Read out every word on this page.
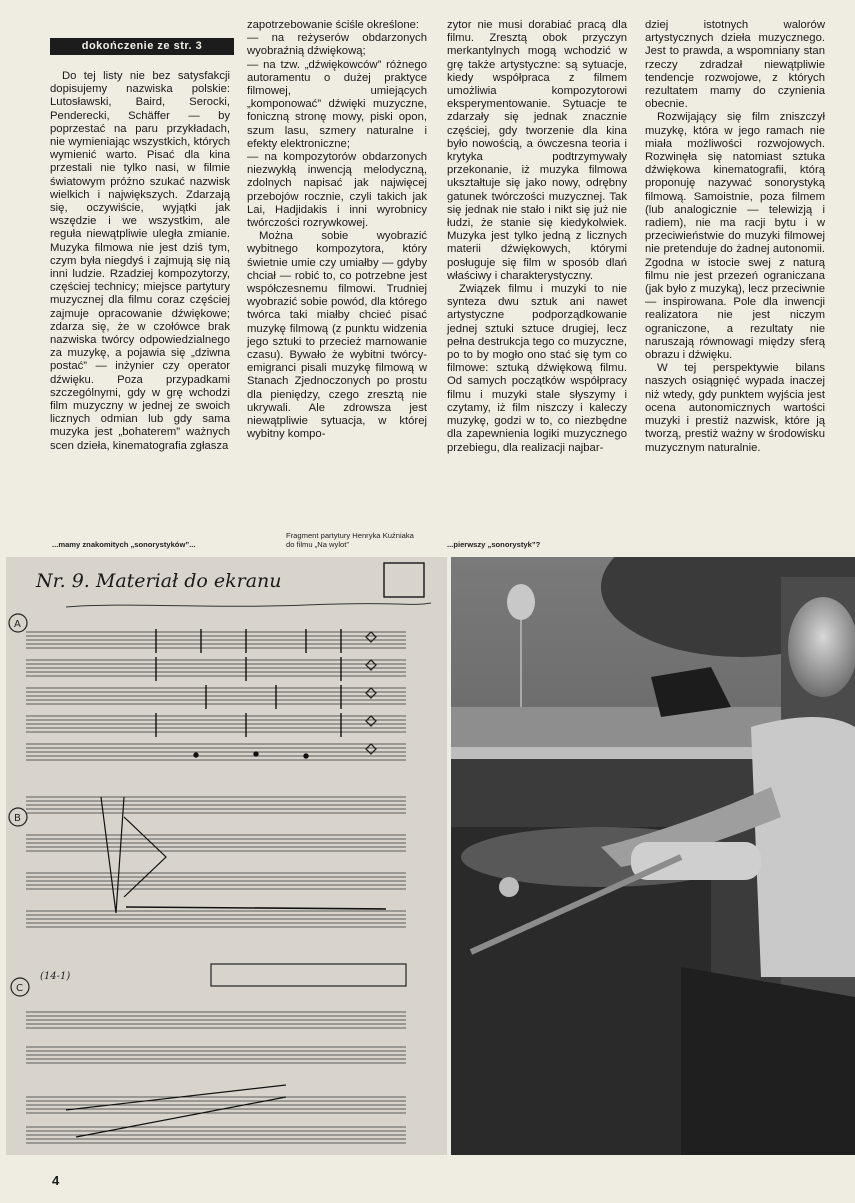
dokończenie ze str. 3

Do tej listy nie bez satysfakcji dopisujemy nazwiska polskie: Lutosławski, Baird, Serocki, Penderecki, Schäffer — by poprzestać na paru przykładach, nie wymieniając wszystkich, których wymienić warto. Pisać dla kina przestali nie tylko nasi, w filmie światowym próżno szukać nazwisk wielkich i największych. Zdarzają się, oczywiście, wyjątki jak wszędzie i we wszystkim, ale reguła niewątpliwie uległa zmianie. Muzyka filmowa nie jest dziś tym, czym była niegdyś i zajmują się nią inni ludzie. Rzadziej kompozytorzy, częściej technicy; miejsce partytury muzycznej dla filmu coraz częściej zajmuje opracowanie dźwiękowe; zdarza się, że w czołówce brak nazwiska twórcy odpowiedzialnego za muzykę, a pojawia się „dziwna postać” — inżynier czy operator dźwięku. Poza przypadkami szczególnymi, gdy w grę wchodzi film muzyczny w jednej ze swoich licznych odmian lub gdy sama muzyka jest „bohaterem” ważnych scen dzieła, kinematografia zgłasza

zapotrzebowanie ściśle określone:

— na reżyserów obdarzonych wyobraźnią dźwiękową;

— na tzw. „dźwiękowców” różnego autoramentu o dużej praktyce filmowej, umiejących „komponować” dźwięki muzyczne, foniczną stronę mowy, piski opon, szum lasu, szmery naturalne i efekty elektroniczne;

— na kompozytorów obdarzonych niezwykłą inwencją melodyczną, zdolnych napisać jak najwięcej przebojów rocznie, czyli takich jak Lai, Hadjidakis i inni wyrobnicy twórczości rozrywkowej.

Można sobie wyobrazić wybitnego kompozytora, który świetnie umie czy umiałby — gdyby chciał — robić to, co potrzebne jest współczesnemu filmowi. Trudniej wyobrazić sobie powód, dla którego twórca taki miałby chcieć pisać muzykę filmową (z punktu widzenia jego sztuki to przecież marnowanie czasu). Bywało że wybitni twórcy-emigranci pisali muzykę filmową w Stanach Zjednoczonych po prostu dla pieniędzy, czego zresztą nie ukrywali. Ale zdrowsza jest niewątpliwie sytuacja, w której wybitny kompo-

zytor nie musi dorabiać pracą dla filmu. Zresztą obok przyczyn merkantylnych mogą wchodzić w grę także artystyczne: są sytuacje, kiedy współpraca z filmem umożliwia kompozytorowi eksperymentowanie. Sytuacje te zdarzały się jednak znacznie częściej, gdy tworzenie dla kina było nowością, a ówczesna teoria i krytyka podtrzymywały przekonanie, iż muzyka filmowa ukształtuje się jako nowy, odrębny gatunek twórczości muzycznej. Tak się jednak nie stało i nikt się już nie łudzi, że stanie się kiedykolwiek. Muzyka jest tylko jedną z licznych materii dźwiękowych, którymi posługuje się film w sposób dlań właściwy i charakterystyczny.

Związek filmu i muzyki to nie synteza dwu sztuk ani nawet artystyczne podporządkowanie jednej sztuki sztuce drugiej, lecz pełna destrukcja tego co muzyczne, po to by mogło ono stać się tym co filmowe: sztuką dźwiękową filmu. Od samych początków współpracy filmu i muzyki stale słyszymy i czytamy, iż film niszczy i kaleczy muzykę, godzi w to, co niezbędne dla zapewnienia logiki muzycznego przebiegu, dla realizacji najbar-

dziej istotnych walorów artystycznych dzieła muzycznego. Jest to prawda, a wspomniany stan rzeczy zdradzał niewątpliwie tendencje rozwojowe, z których rezultatem mamy do czynienia obecnie.

Rozwijający się film zniszczył muzykę, która w jego ramach nie miała możliwości rozwojowych. Rozwinęła się natomiast sztuka dźwiękowa kinematografii, którą proponuję nazywać sonorystyką filmową. Samoistnie, poza filmem (lub analogicznie — telewizją i radiem), nie ma racji bytu i w przeciwieństwie do muzyki filmowej nie pretenduje do żadnej autonomii. Zgodna w istocie swej z naturą filmu nie jest przezeń ograniczana (jak było z muzyką), lecz przeciwnie — inspirowana. Pole dla inwencji realizatora nie jest niczym ograniczone, a rezultaty nie naruszają równowagi między sferą obrazu i dźwięku.

W tej perspektywie bilans naszych osiągnięć wypada inaczej niż wtedy, gdy punktem wyjścia jest ocena autonomicznych wartości muzyki i prestiż nazwisk, które ją tworzą, prestiż ważny w środowisku muzycznym naturalnie.

...mamy znakomitych „sonorystyków”...
Fragment partytury Henryka Kuźniaka
do filmu „Na wylot”	...pierwszy „sonorystyk”?
Nr. 9. Materiał do ekranu
A
B
(14-1)
C
4
